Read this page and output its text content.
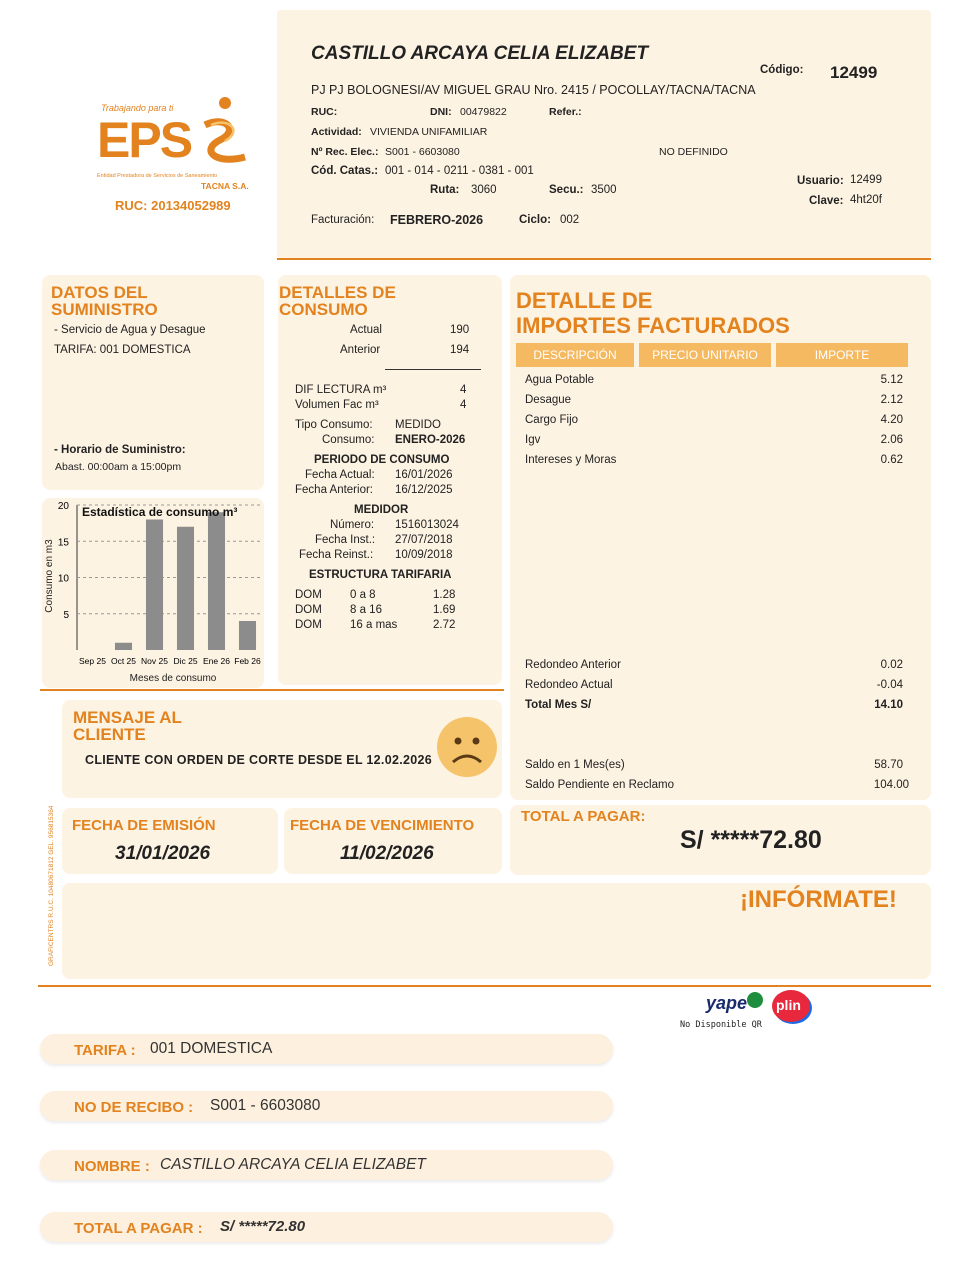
Trabajando para ti
EPS
Entidad Prestadora de Servicios de Saneamiento
TACNA S.A.
RUC: 20134052989
CASTILLO ARCAYA CELIA ELIZABET
Código: 12499
PJ PJ BOLOGNESI/AV MIGUEL GRAU Nro. 2415 / POCOLLAY/TACNA/TACNA
RUC:	DNI: 00479822	Refer.:
Actividad: VIVIENDA UNIFAMILIAR
Nº Rec. Elec.: S001 - 6603080	NO DEFINIDO
Cód. Catas.: 001 - 014 - 0211 - 0381 - 001
Ruta: 3060	Secu.: 3500
Usuario: 12499
Clave: 4ht20f
Facturación: FEBRERO-2026	Ciclo: 002
DATOS DEL
SUMINISTRO
- Servicio de Agua y Desague
TARIFA: 001 DOMESTICA
- Horario de Suministro:
Abast. 00:00am a 15:00pm
Consumo en m3
Meses de consumo
5
10
15
20
Sep 25 Oct 25 Nov 25 Dic 25 Ene 26 Feb 26
Estadística de consumo m³
DETALLES DE
CONSUMO
Actual	190
Anterior	194
DIF LECTURA m³	4
Volumen Fac m³	4
Tipo Consumo: MEDIDO
Consumo: ENERO-2026
PERIODO DE CONSUMO
Fecha Actual: 16/01/2026
Fecha Anterior: 16/12/2025
MEDIDOR
Número: 1516013024
Fecha Inst.: 27/07/2018
Fecha Reinst.: 10/09/2018
ESTRUCTURA TARIFARIA
DOM 0 a 8	1.28
DOM 8 a 16	1.69
DOM 16 a mas	2.72
DETALLE DE
IMPORTES FACTURADOS
DESCRIPCIÓN	PRECIO UNITARIO	IMPORTE
Agua Potable	5.12
Desague	2.12
Cargo Fijo	4.20
Igv	2.06
Intereses y Moras	0.62
Redondeo Anterior	0.02
Redondeo Actual	-0.04
Total Mes S/	14.10
Saldo en 1 Mes(es)	58.70
Saldo Pendiente en Reclamo	104.00
MENSAJE AL
CLIENTE
CLIENTE CON ORDEN DE CORTE DESDE EL 12.02.2026
FECHA DE EMISIÓN
31/01/2026
FECHA DE VENCIMIENTO
11/02/2026
TOTAL A PAGAR:
S/ *****72.80
¡INFÓRMATE!
GRAFICENTRS R.U.C. 10480671812 GEL. 956815364
yape plin
No Disponible QR
TARIFA : 001 DOMESTICA
NO DE RECIBO : S001 - 6603080
NOMBRE : CASTILLO ARCAYA CELIA ELIZABET
TOTAL A PAGAR : S/ *****72.80
